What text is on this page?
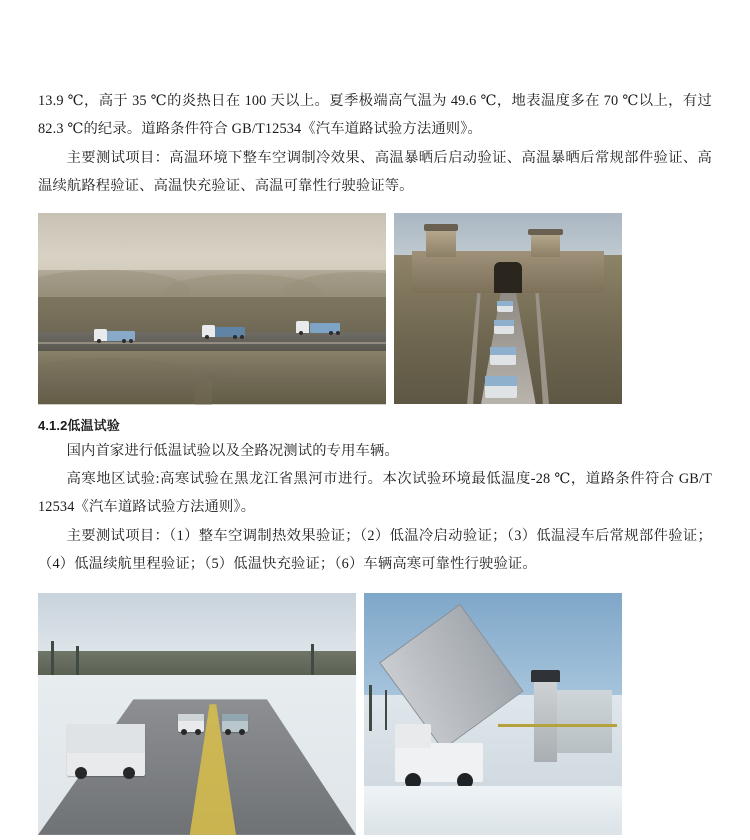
13.9 ℃，高于 35 ℃的炎热日在 100 天以上。夏季极端高气温为 49.6 ℃，地表温度多在 70 ℃以上，有过 82.3 ℃的纪录。道路条件符合 GB/T12534《汽车道路试验方法通则》。

主要测试项目：高温环境下整车空调制冷效果、高温暴晒后启动验证、高温暴晒后常规部件验证、高温续航路程验证、高温快充验证、高温可靠性行驶验证等。

4.1.2低温试验

国内首家进行低温试验以及全路况测试的专用车辆。

高寒地区试验:高寒试验在黑龙江省黑河市进行。本次试验环境最低温度-28 ℃，道路条件符合 GB/T 12534《汽车道路试验方法通则》。

主要测试项目：（1）整车空调制热效果验证；（2）低温冷启动验证；（3）低温浸车后常规部件验证；（4）低温续航里程验证；（5）低温快充验证；（6）车辆高寒可靠性行驶验证。
